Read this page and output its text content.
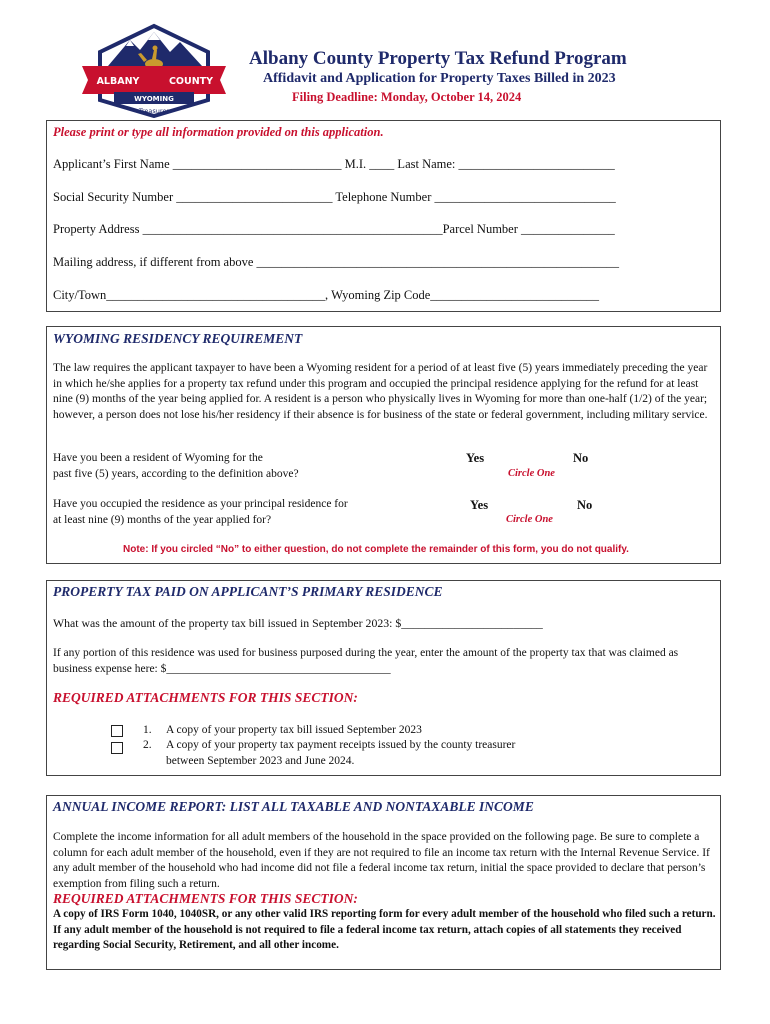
ALBANY	COUNTY
WYOMING
Treasurer
Albany County Property Tax Refund Program
Affidavit and Application for Property Taxes Billed in 2023
Filing Deadline: Monday, October 14, 2024
Please print or type all information provided on this application.
Applicant’s First Name ___________________________ M.I. ____ Last Name: _________________________
Social Security Number _________________________ Telephone Number _____________________________
Property Address ________________________________________________Parcel Number _______________
Mailing address, if different from above __________________________________________________________
City/Town___________________________________, Wyoming Zip Code___________________________
WYOMING RESIDENCY REQUIREMENT
The law requires the applicant taxpayer to have been a Wyoming resident for a period of at least five (5) years immediately preceding the year in which he/she applies for a property tax refund under this program and occupied the principal residence applying for the refund for at least nine (9) months of the year being applied for. A resident is a person who physically lives in Wyoming for more than one-half (1/2) of the year; however, a person does not lose his/her residency if their absence is for business of the state or federal government, including military service.
Have you been a resident of Wyoming for the
past five (5) years, according to the definition above?
Yes	No
Circle One
Have you occupied the residence as your principal residence for
at least nine (9) months of the year applied for?
Yes	No
Circle One
Note: If you circled “No” to either question, do not complete the remainder of this form, you do not qualify.
PROPERTY TAX PAID ON APPLICANT’S PRIMARY RESIDENCE
What was the amount of the property tax bill issued in September 2023: $________________________
If any portion of this residence was used for business purposed during the year, enter the amount of the property tax that was claimed as business expense here: $_______________________________________
REQUIRED ATTACHMENTS FOR THIS SECTION:
1. A copy of your property tax bill issued September 2023
2. A copy of your property tax payment receipts issued by the county treasurer between September 2023 and June 2024.
ANNUAL INCOME REPORT: LIST ALL TAXABLE AND NONTAXABLE INCOME
Complete the income information for all adult members of the household in the space provided on the following page. Be sure to complete a column for each adult member of the household, even if they are not required to file an income tax return with the Internal Revenue Service. If any adult member of the household who had income did not file a federal income tax return, initial the space provided to declare that person’s exemption from filing such a return.
REQUIRED ATTACHMENTS FOR THIS SECTION:
A copy of IRS Form 1040, 1040SR, or any other valid IRS reporting form for every adult member of the household who filed such a return. If any adult member of the household is not required to file a federal income tax return, attach copies of all statements they received regarding Social Security, Retirement, and all other income.
